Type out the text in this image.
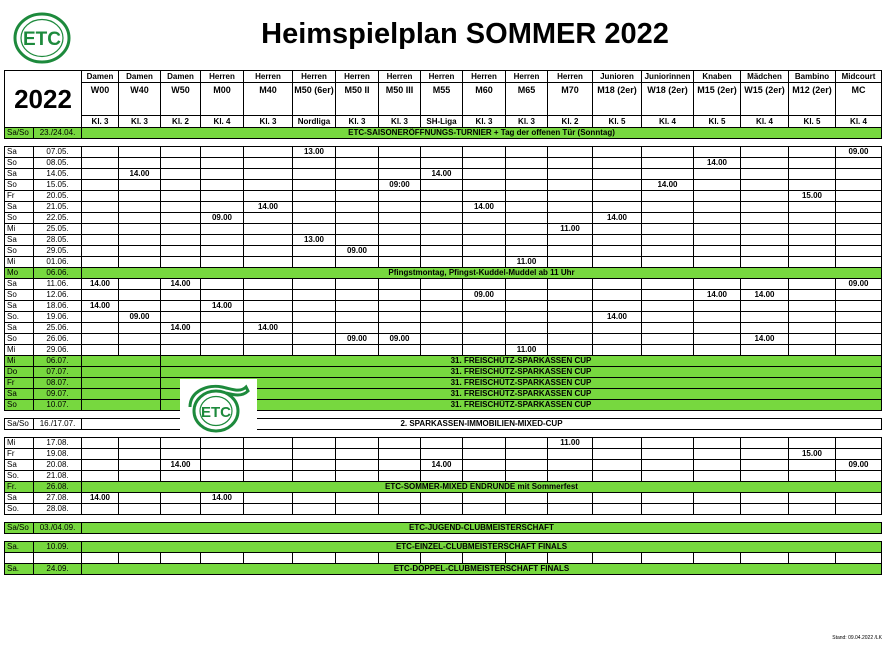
ETC	Heimspielplan SOMMER 2022
2022		Damen	Damen	Damen	Herren	Herren	Herren	Herren	Herren	Herren	Herren	Herren	Herren	Junioren	Juniorinnen	Knaben	Mädchen	Bambino	Midcourt
		W00	W40	W50	M00	M40	M50 (6er)	M50 II	M50 III	M55	M60	M65	M70	M18 (2er)	W18 (2er)	M15 (2er)	W15 (2er)	M12 (2er)	MC
		Kl. 3	Kl. 3	Kl. 2	Kl. 4	Kl. 3	Nordliga	Kl. 3	Kl. 3	SH-Liga	Kl. 3	Kl. 3	Kl. 2	Kl. 5	Kl. 4	Kl. 5	Kl. 4	Kl. 5	Kl. 4
Sa/So	23./24.04.	ETC-SAISONERÖFFNUNGS-TURNIER + Tag der offenen Tür (Sonntag)																	

Sa	07.05.						13.00												09.00
So	08.05.															14.00			
Sa	14.05.		14.00							14.00									
So	15.05.								09:00						14.00				
Fr	20.05.																	15.00	
Sa	21.05.					14.00					14.00								
So	22.05.				09.00									14.00					
Mi	25.05.												11.00						
Sa	28.05.						13.00												
So	29.05.							09.00											
Mi	01.06.											11.00							
Mo	06.06.	Pfingstmontag, Pfingst-Kuddel-Muddel ab 11 Uhr																	
Sa	11.06.	14.00		14.00															09.00
So	12.06.										09.00					14.00	14.00		
Sa	18.06.	14.00			14.00														
So.	19.06.		09.00											14.00					
Sa	25.06.			14.00		14.00													
So	26.06.							09.00	09.00								14.00		
Mi	29.06.											11.00							
Mi	06.07.			31. FREISCHÜTZ-SPARKASSEN CUP															
Do	07.07.			31. FREISCHÜTZ-SPARKASSEN CUP															
Fr	08.07.			31. FREISCHÜTZ-SPARKASSEN CUP															
Sa	09.07.			31. FREISCHÜTZ-SPARKASSEN CUP															
So	10.07.			31. FREISCHÜTZ-SPARKASSEN CUP															

Sa/So	16./17.07.	2. SPARKASSEN-IMMOBILIEN-MIXED-CUP																	

Mi	17.08.												11.00						
Fr	19.08.																	15.00	
Sa	20.08.			14.00						14.00									09.00
So.	21.08.																		
Fr.	26.08.	ETC-SOMMER-MIXED ENDRUNDE mit Sommerfest																	
Sa	27.08.	14.00			14.00														
So.	28.08.																		

Sa/So	03./04.09.	ETC-JUGEND-CLUBMEISTERSCHAFT																	

Sa.	10.09.	ETC-EINZEL-CLUBMEISTERSCHAFT FINALS																	

Sa.	24.09.	ETC-DOPPEL-CLUBMEISTERSCHAFT FINALS																	
ETC
Stand: 09.04.2022 /LK
